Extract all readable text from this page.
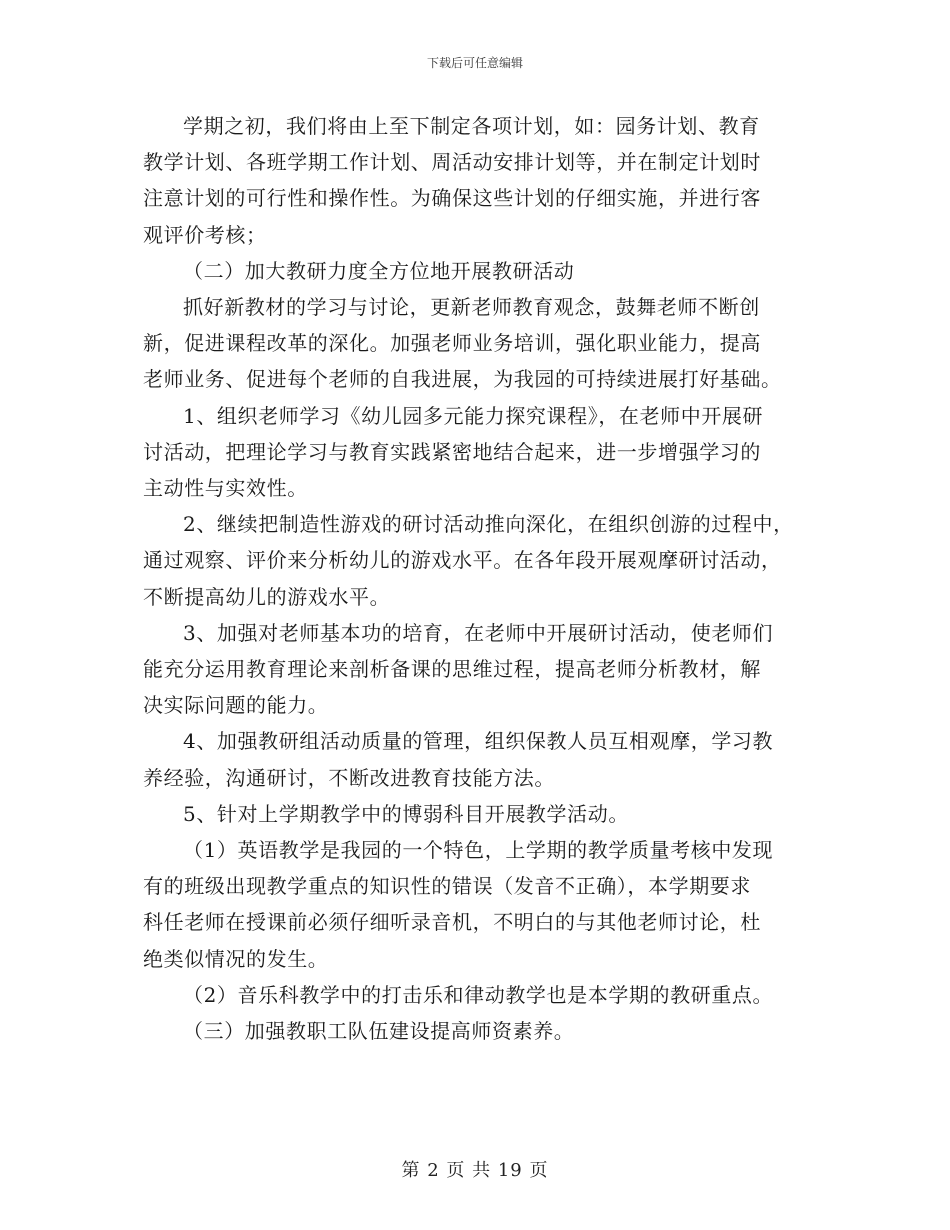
下载后可任意编辑

学期之初，我们将由上至下制定各项计划，如：园务计划、教育
教学计划、各班学期工作计划、周活动安排计划等，并在制定计划时
注意计划的可行性和操作性。为确保这些计划的仔细实施，并进行客
观评价考核；

（二）加大教研力度全方位地开展教研活动

抓好新教材的学习与讨论，更新老师教育观念，鼓舞老师不断创
新，促进课程改革的深化。加强老师业务培训，强化职业能力，提高
老师业务、促进每个老师的自我进展，为我园的可持续进展打好基础。

1、组织老师学习《幼儿园多元能力探究课程》，在老师中开展研
讨活动，把理论学习与教育实践紧密地结合起来，进一步增强学习的
主动性与实效性。

2、继续把制造性游戏的研讨活动推向深化，在组织创游的过程中，
通过观察、评价来分析幼儿的游戏水平。在各年段开展观摩研讨活动，
不断提高幼儿的游戏水平。

3、加强对老师基本功的培育，在老师中开展研讨活动，使老师们
能充分运用教育理论来剖析备课的思维过程，提高老师分析教材，解
决实际问题的能力。

4、加强教研组活动质量的管理，组织保教人员互相观摩，学习教
养经验，沟通研讨，不断改进教育技能方法。

5、针对上学期教学中的博弱科目开展教学活动。

（1）英语教学是我园的一个特色，上学期的教学质量考核中发现
有的班级出现教学重点的知识性的错误（发音不正确），本学期要求
科任老师在授课前必须仔细听录音机，不明白的与其他老师讨论，杜
绝类似情况的发生。

（2）音乐科教学中的打击乐和律动教学也是本学期的教研重点。

（三）加强教职工队伍建设提高师资素养。

第 2 页 共 19 页
